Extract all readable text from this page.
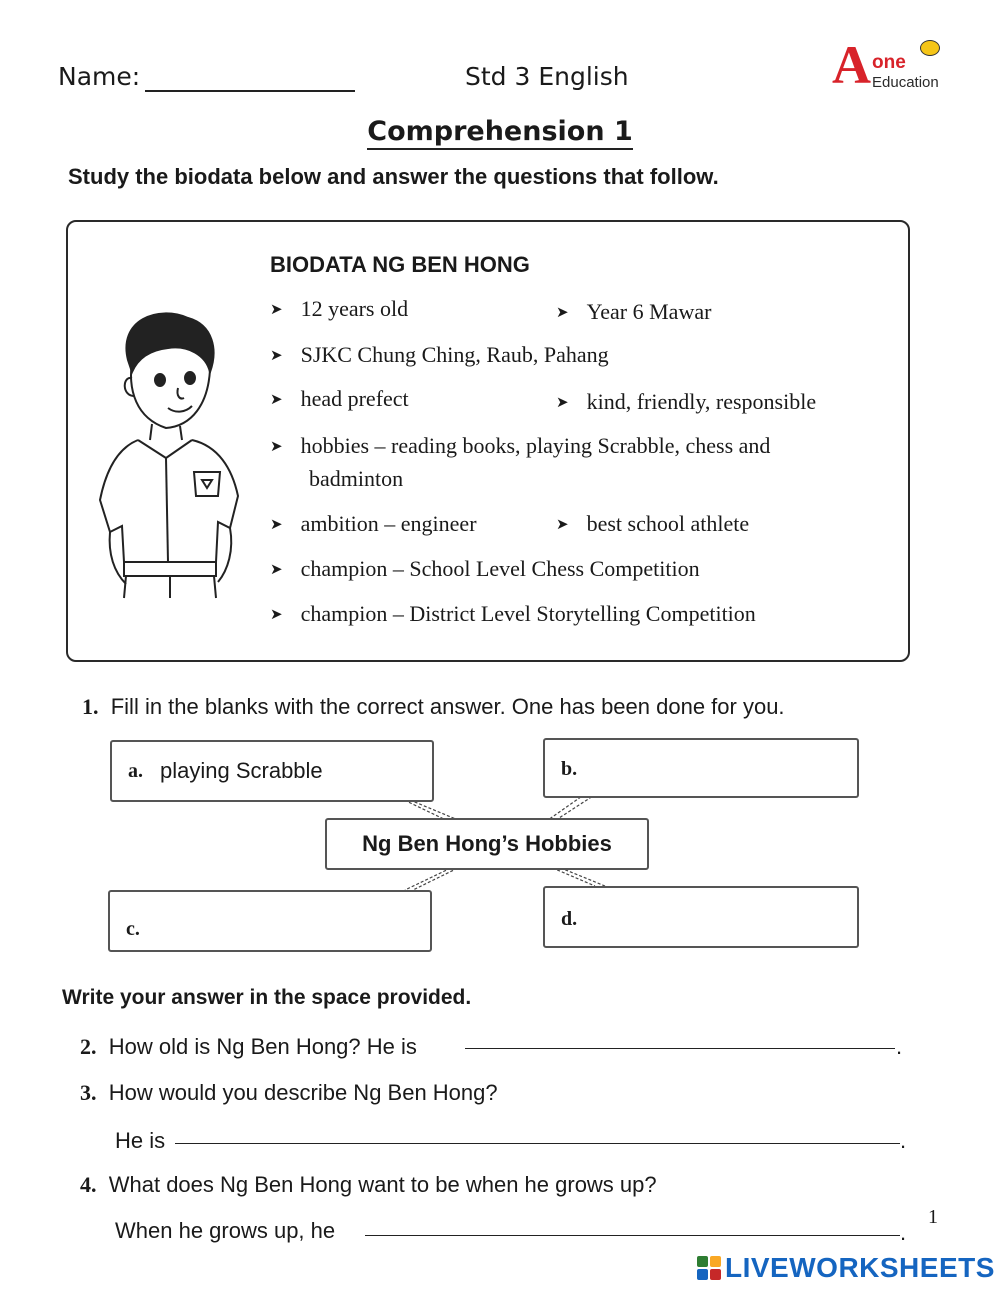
Name:	Std 3 English	A one
Education
Comprehension 1
Study the biodata below and answer the questions that follow.
BIODATA NG BEN HONG
➤ 12 years old	➤ Year 6 Mawar
➤ SJKC Chung Ching, Raub, Pahang
➤ head prefect	➤ kind, friendly, responsible
➤ hobbies – reading books, playing Scrabble, chess and
badminton
➤ ambition – engineer	➤ best school athlete
➤ champion – School Level Chess Competition
➤ champion – District Level Storytelling Competition
1. Fill in the blanks with the correct answer. One has been done for you.
a. playing Scrabble	b.
Ng Ben Hong’s Hobbies
c.	d.
Write your answer in the space provided.
2. How old is Ng Ben Hong? He is	.
3. How would you describe Ng Ben Hong?
He is	.
4. What does Ng Ben Hong want to be when he grows up?
When he grows up, he	.
1
LIVEWORKSHEETS
